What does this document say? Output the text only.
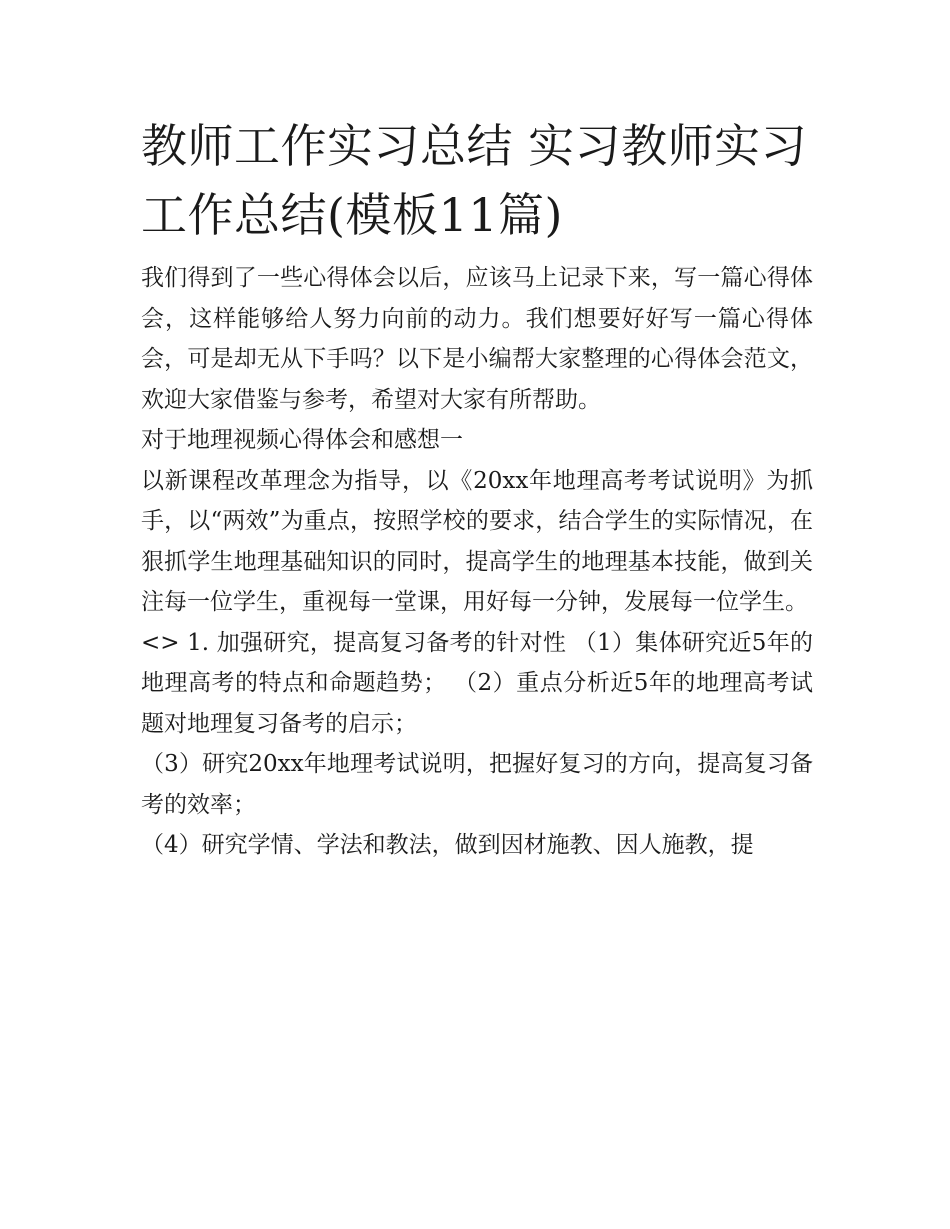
教师工作实习总结 实习教师实习工作总结(模板11篇)

我们得到了一些心得体会以后，应该马上记录下来，写一篇心得体会，这样能够给人努力向前的动力。我们想要好好写一篇心得体会，可是却无从下手吗？以下是小编帮大家整理的心得体会范文，欢迎大家借鉴与参考，希望对大家有所帮助。

对于地理视频心得体会和感想一

以新课程改革理念为指导，以《20xx年地理高考考试说明》为抓手，以“两效”为重点，按照学校的要求，结合学生的实际情况，在狠抓学生地理基础知识的同时，提高学生的地理基本技能，做到关注每一位学生，重视每一堂课，用好每一分钟，发展每一位学生。

<> 1. 加强研究，提高复习备考的针对性 （1）集体研究近5年的地理高考的特点和命题趋势； （2）重点分析近5年的地理高考试题对地理复习备考的启示；

（3）研究20xx年地理考试说明，把握好复习的方向，提高复习备考的效率；

（4）研究学情、学法和教法，做到因材施教、因人施教，提
